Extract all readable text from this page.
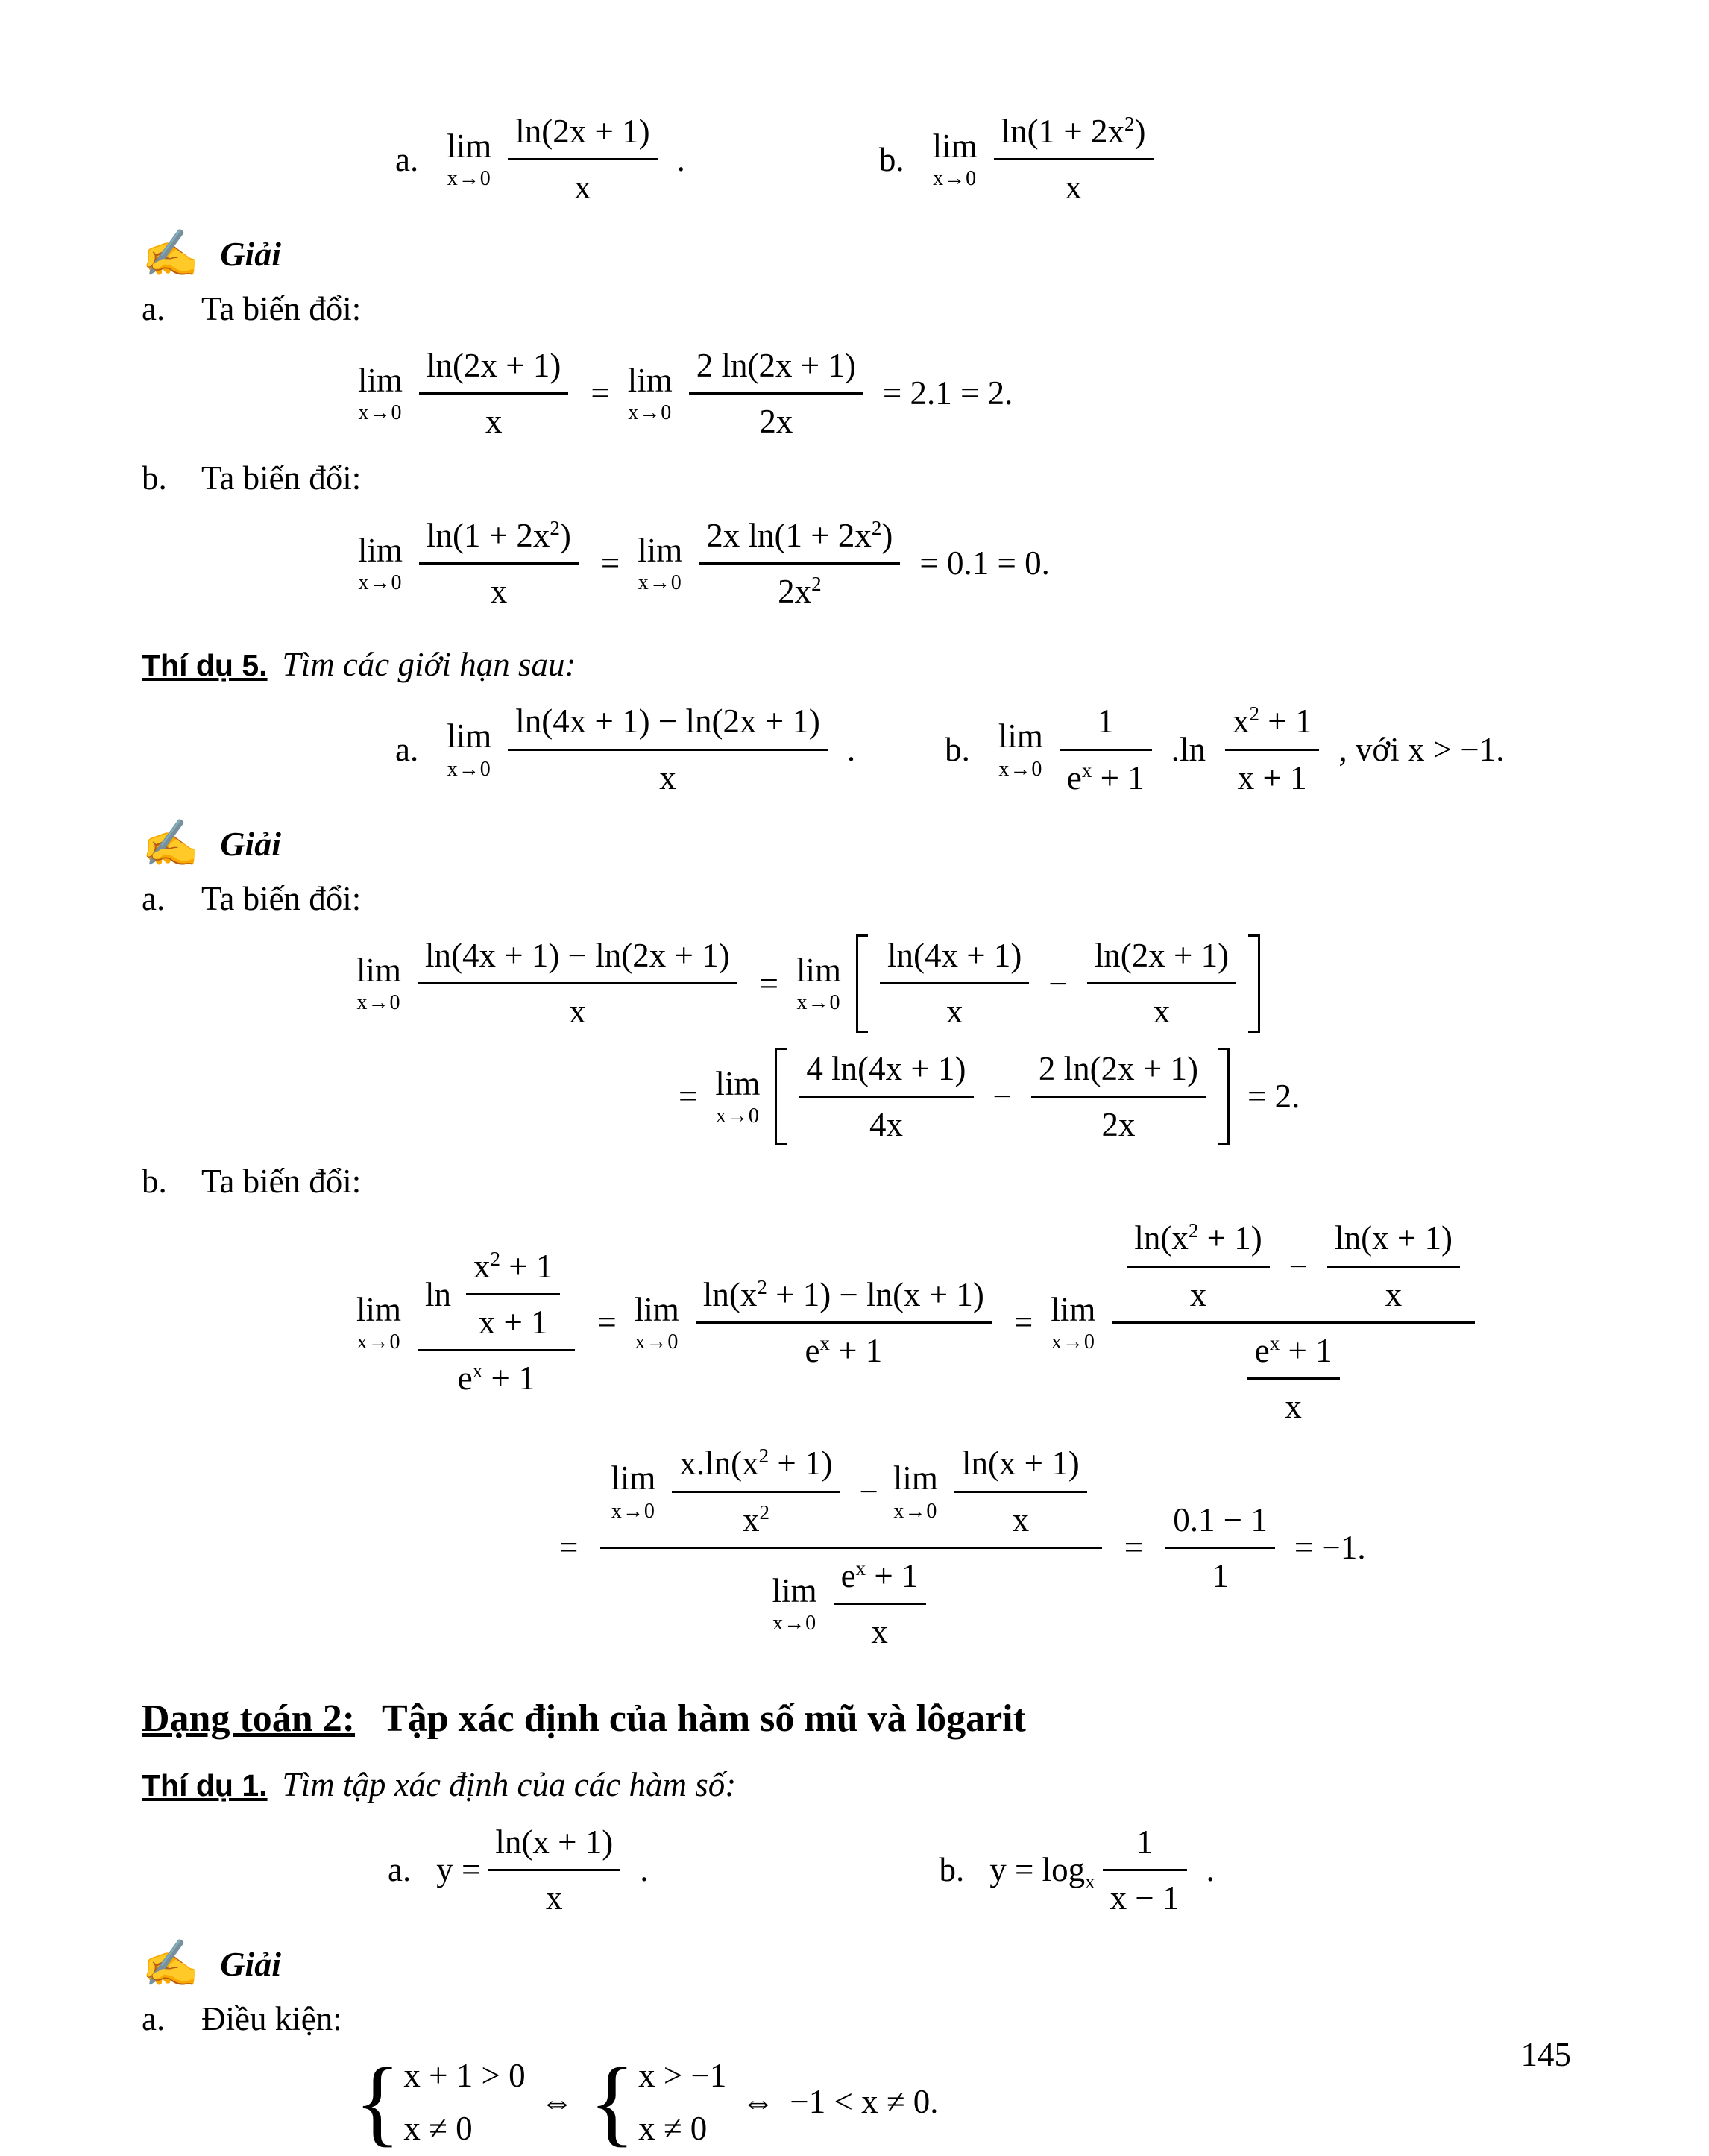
a. lim
$x\to 0 \frac{\ln(2x + 1)}{x}$ .	b. lim
$x\to 0 \frac{\ln(1 + 2x^2)}{x}$
✍ Giải
a.	Ta biến đổi:
lim
$x\to 0 \frac{\ln(2x + 1)}{x} = \lim$
$x\to 0 \frac{2 \ln(2x + 1)}{2x} = 2.1 = 2$.
b.	Ta biến đổi:
lim
$x\to 0 \frac{\ln(1 + 2x^2)}{x} = \lim$
$x\to 0 \frac{2x \ln(1 + 2x^2)}{2x^2} = 0.1 = 0$.
Thí dụ 5. Tìm các giới hạn sau:
a. lim
$x\to 0 \frac{\ln(4x + 1) - \ln(2x + 1)}{x}$ .	b. lim
$x\to 0 \frac{1}{e^x + 1} .\ln \frac{x^2 + 1}{x + 1}$ , với x > −1.
✍ Giải
a.	Ta biến đổi:
lim
$x\to 0 \frac{\ln(4x + 1) - \ln(2x + 1)}{x} = \lim$
$x\to 0 \frac{\ln(4x + 1)}{x} - \frac{\ln(2x + 1)}{x}$
= lim
$x\to 0 \frac{4 \ln(4x + 1)}{4x} - \frac{2 \ln(2x + 1)}{2x} = 2$.
b.	Ta biến đổi:
lim
$x\to 0 \frac{\ln \frac{x^2 + 1}{x + 1}}{e^x + 1} = \lim$
$x\to 0 \frac{\ln(x^2 + 1) - \ln(x + 1)}{e^x + 1} = \lim$
x→0
$\frac{\ln(x^2 + 1)}{x} - \frac{\ln(x + 1)}{x}$
$\frac{e^x + 1}{x}$
=
lim
$x\to 0 \frac{x.\ln(x^2 + 1)}{x^2} - \lim$
$x\to 0 \frac{\ln(x + 1)}{x}$
lim
$x\to 0 \frac{e^x + 1}{x}$
= $\frac{0.1 - 1}{1} = -1$.
Dạng toán 2: Tập xác định của hàm số mũ và lôgarit
Thí dụ 1. Tìm tập xác định của các hàm số:
a. $y = \frac{\ln(x + 1)}{x}$ .	b. $y = \log_x \frac{1}{x - 1}$ .
✍ Giải
a.	Điều kiện:
{ x + 1 > 0
x ≠ 0
⇔ { x > −1
x ≠ 0
⇔ −1 < x ≠ 0.
145
